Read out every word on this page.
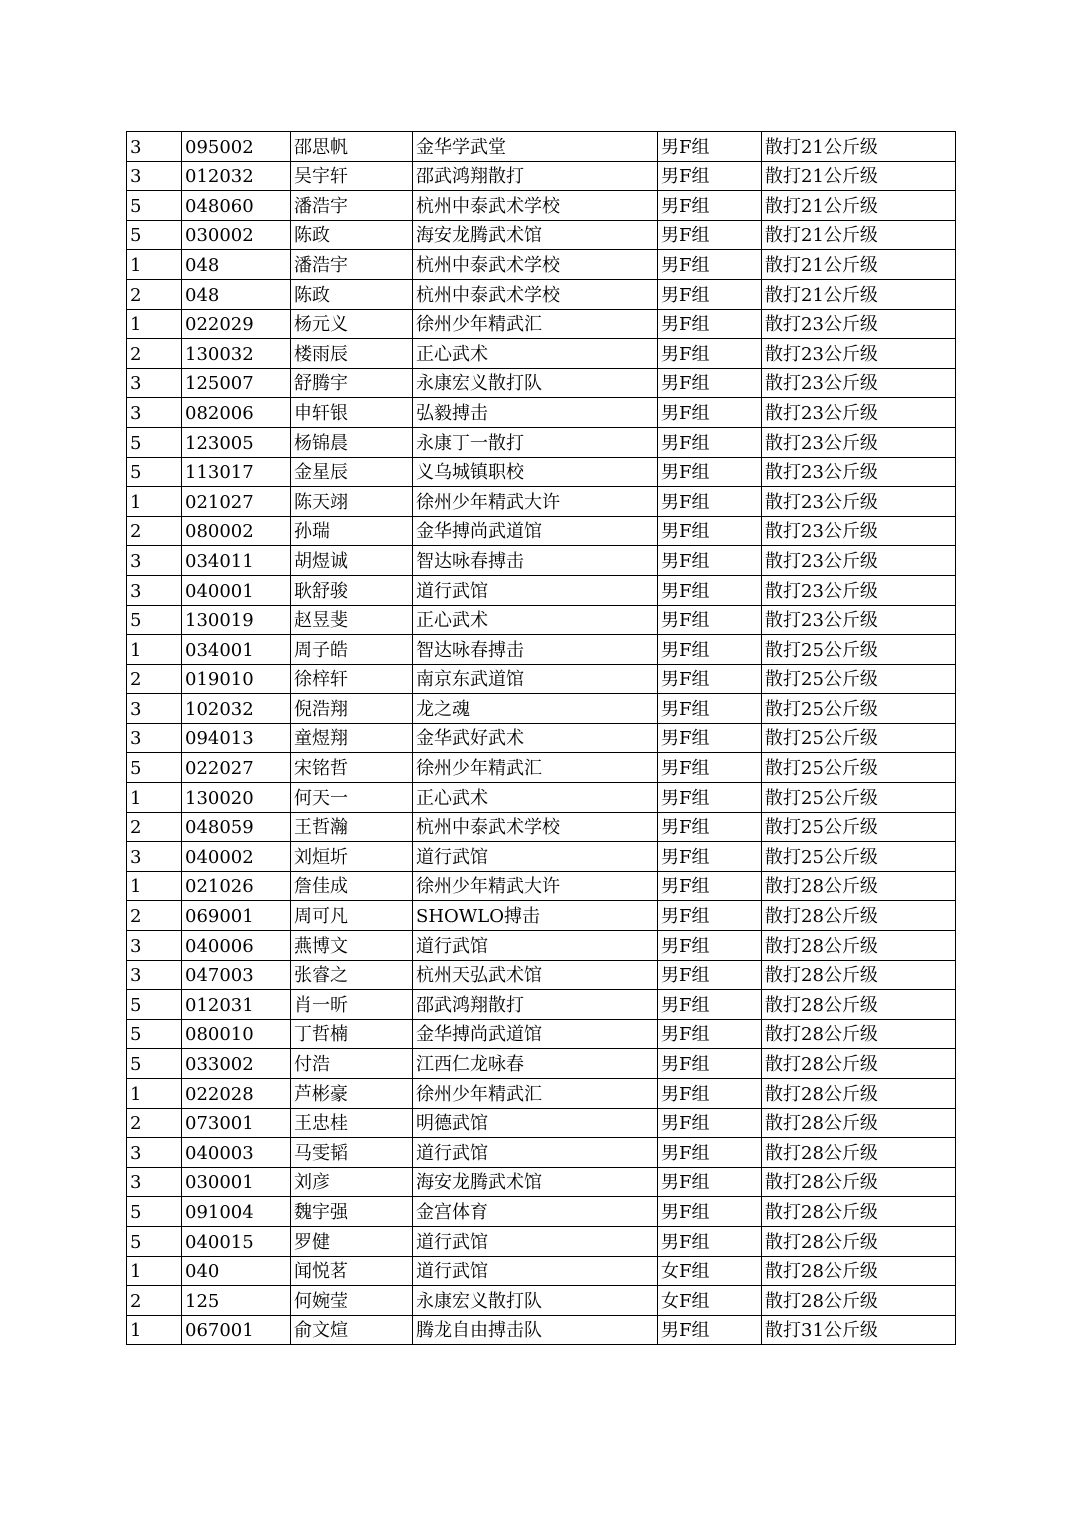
3	095002	邵思帆	金华学武堂	男F组	散打21公斤级
3	012032	吴宇轩	邵武鸿翔散打	男F组	散打21公斤级
5	048060	潘浩宇	杭州中泰武术学校	男F组	散打21公斤级
5	030002	陈政	海安龙腾武术馆	男F组	散打21公斤级
1	048	潘浩宇	杭州中泰武术学校	男F组	散打21公斤级
2	048	陈政	杭州中泰武术学校	男F组	散打21公斤级
1	022029	杨元义	徐州少年精武汇	男F组	散打23公斤级
2	130032	楼雨辰	正心武术	男F组	散打23公斤级
3	125007	舒腾宇	永康宏义散打队	男F组	散打23公斤级
3	082006	申轩银	弘毅搏击	男F组	散打23公斤级
5	123005	杨锦晨	永康丁一散打	男F组	散打23公斤级
5	113017	金星辰	义乌城镇职校	男F组	散打23公斤级
1	021027	陈天翊	徐州少年精武大许	男F组	散打23公斤级
2	080002	孙瑞	金华搏尚武道馆	男F组	散打23公斤级
3	034011	胡煜诚	智达咏春搏击	男F组	散打23公斤级
3	040001	耿舒骏	道行武馆	男F组	散打23公斤级
5	130019	赵昱斐	正心武术	男F组	散打23公斤级
1	034001	周子皓	智达咏春搏击	男F组	散打25公斤级
2	019010	徐梓轩	南京东武道馆	男F组	散打25公斤级
3	102032	倪浩翔	龙之魂	男F组	散打25公斤级
3	094013	童煜翔	金华武好武术	男F组	散打25公斤级
5	022027	宋铭哲	徐州少年精武汇	男F组	散打25公斤级
1	130020	何天一	正心武术	男F组	散打25公斤级
2	048059	王哲瀚	杭州中泰武术学校	男F组	散打25公斤级
3	040002	刘烜圻	道行武馆	男F组	散打25公斤级
1	021026	詹佳成	徐州少年精武大许	男F组	散打28公斤级
2	069001	周可凡	SHOWLO搏击	男F组	散打28公斤级
3	040006	燕博文	道行武馆	男F组	散打28公斤级
3	047003	张睿之	杭州天弘武术馆	男F组	散打28公斤级
5	012031	肖一昕	邵武鸿翔散打	男F组	散打28公斤级
5	080010	丁哲楠	金华搏尚武道馆	男F组	散打28公斤级
5	033002	付浩	江西仁龙咏春	男F组	散打28公斤级
1	022028	芦彬豪	徐州少年精武汇	男F组	散打28公斤级
2	073001	王忠桂	明德武馆	男F组	散打28公斤级
3	040003	马雯韬	道行武馆	男F组	散打28公斤级
3	030001	刘彦	海安龙腾武术馆	男F组	散打28公斤级
5	091004	魏宇强	金宫体育	男F组	散打28公斤级
5	040015	罗健	道行武馆	男F组	散打28公斤级
1	040	闻悦茗	道行武馆	女F组	散打28公斤级
2	125	何婉莹	永康宏义散打队	女F组	散打28公斤级
1	067001	俞文煊	腾龙自由搏击队	男F组	散打31公斤级
